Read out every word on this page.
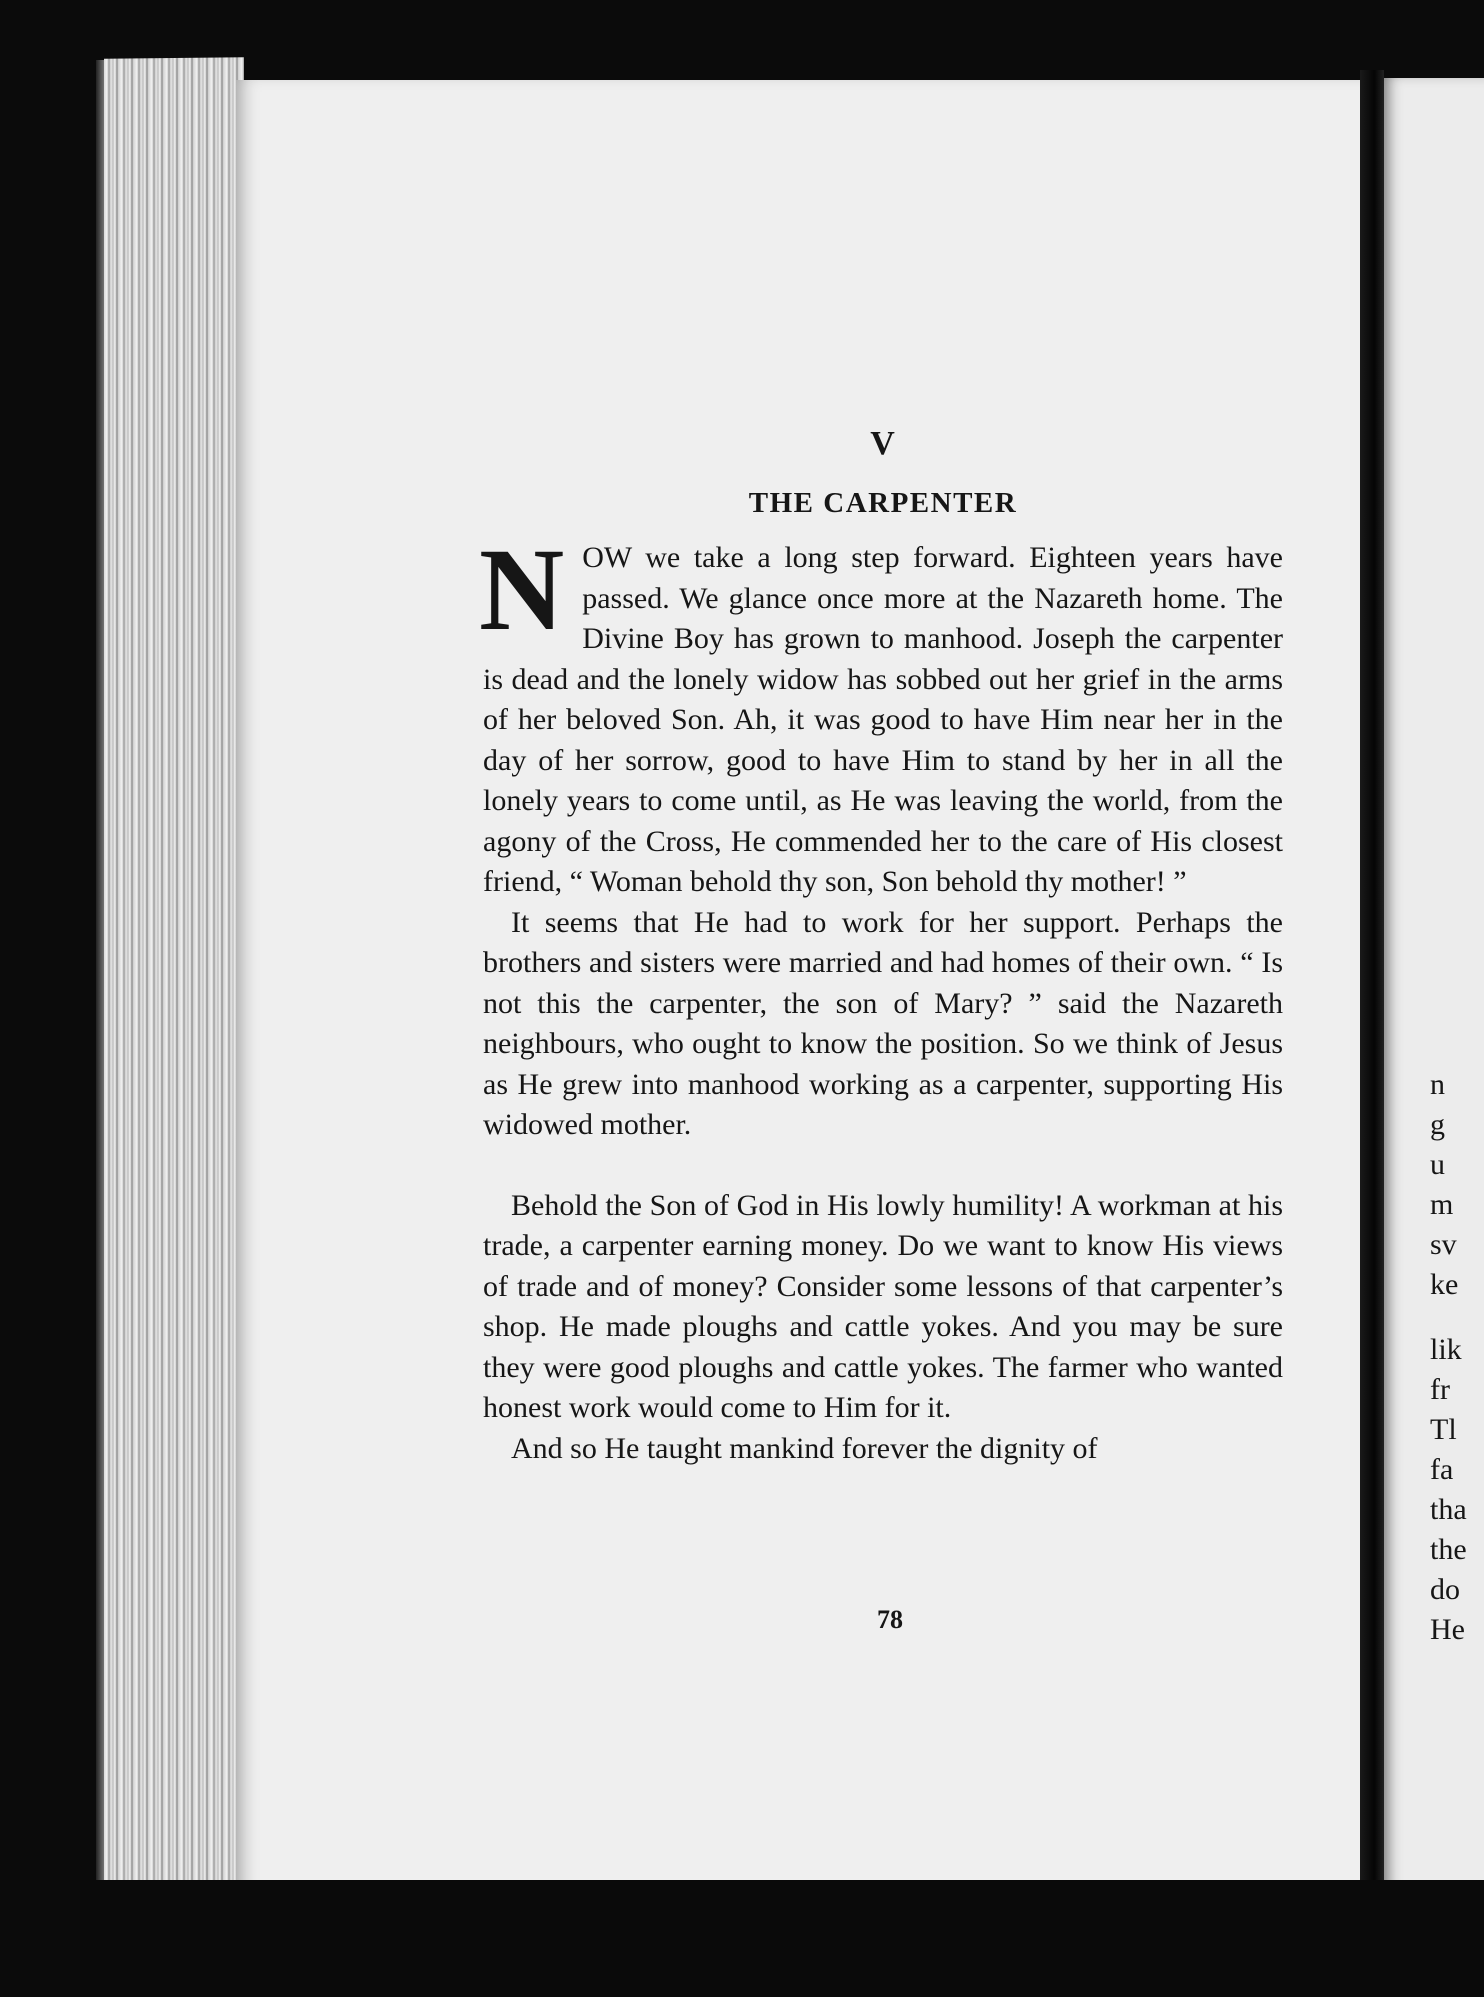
V
THE CARPENTER

NOW we take a long step forward. Eighteen years have passed. We glance once more at the Nazareth home. The Divine Boy has grown to manhood. Joseph the carpenter is dead and the lonely widow has sobbed out her grief in the arms of her beloved Son. Ah, it was good to have Him near her in the day of her sorrow, good to have Him to stand by her in all the lonely years to come until, as He was leaving the world, from the agony of the Cross, He commended her to the care of His closest friend, “ Woman behold thy son, Son behold thy mother! ”

It seems that He had to work for her support. Perhaps the brothers and sisters were married and had homes of their own. “ Is not this the carpenter, the son of Mary? ” said the Nazareth neighbours, who ought to know the position. So we think of Jesus as He grew into manhood working as a carpenter, supporting His widowed mother.

Behold the Son of God in His lowly humility! A workman at his trade, a carpenter earning money. Do we want to know His views of trade and of money? Consider some lessons of that carpenter’s shop. He made ploughs and cattle yokes. And you may be sure they were good ploughs and cattle yokes. The farmer who wanted honest work would come to Him for it.

And so He taught mankind forever the dignity of

78
n
g
u
m
sv
ke
lik
fr
Tl
fa
tha
the
do
He
